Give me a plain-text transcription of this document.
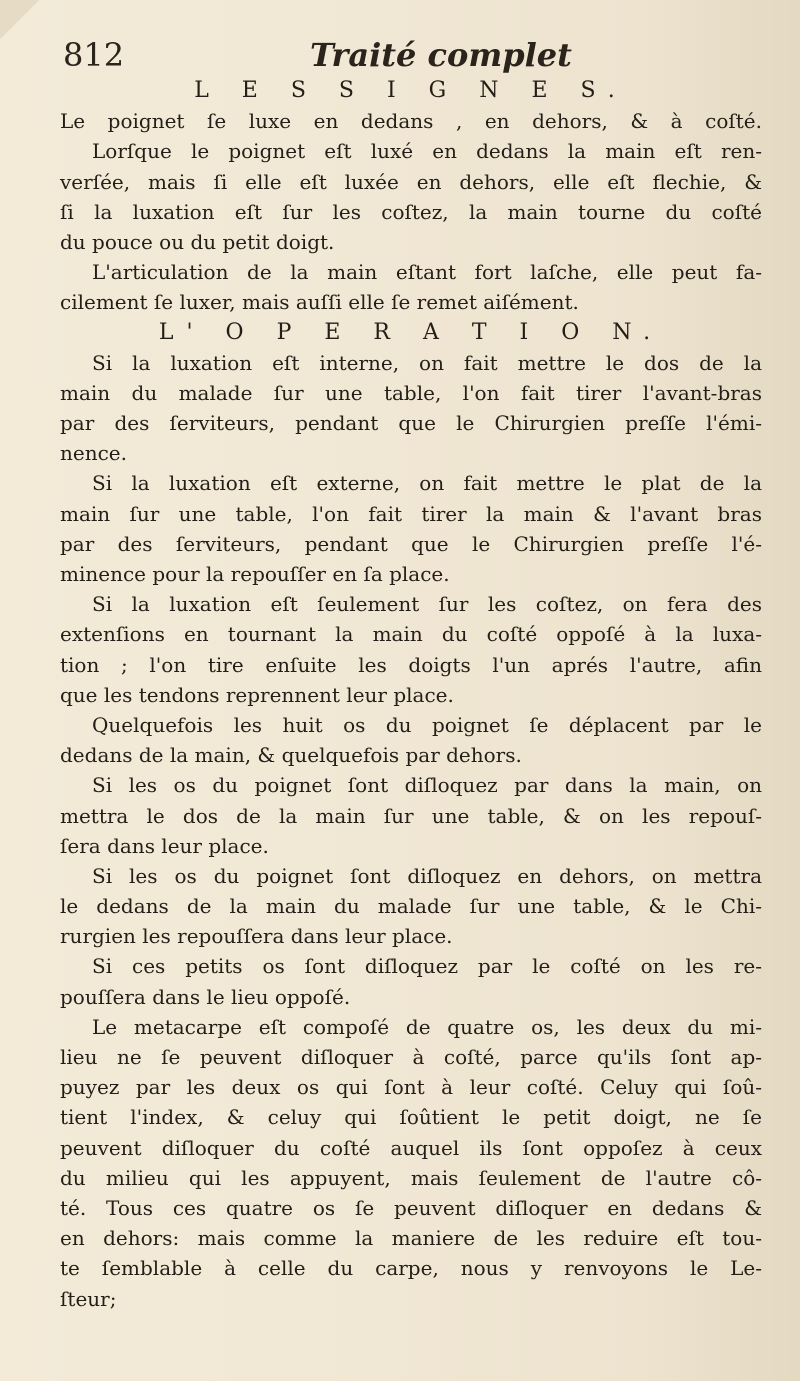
812	Traité complet
L E S S I G N E S.
Le poignet ſe luxe en dedans , en dehors, & à coſté.
Lorſque le poignet eſt luxé en dedans la main eſt ren-
verſée, mais ſi elle eſt luxée en dehors, elle eſt flechie, &
ſi la luxation eſt ſur les coſtez, la main tourne du coſté
du pouce ou du petit doigt.
L'articulation de la main eſtant fort laſche, elle peut fa-
cilement ſe luxer, mais auſſi elle ſe remet aiſément.
L' O P E R A T I O N.
Si la luxation eſt interne, on fait mettre le dos de la
main du malade ſur une table, l'on fait tirer l'avant-bras
par des ſerviteurs, pendant que le Chirurgien preſſe l'émi-
nence.
Si la luxation eſt externe, on fait mettre le plat de la
main ſur une table, l'on fait tirer la main & l'avant bras
par des ſerviteurs, pendant que le Chirurgien preſſe l'é-
minence pour la repouſſer en ſa place.
Si la luxation eſt ſeulement ſur les coſtez, on fera des
extenſions en tournant la main du coſté oppoſé à la luxa-
tion ; l'on tire enſuite les doigts l'un aprés l'autre, afin
que les tendons reprennent leur place.
Quelquefois les huit os du poignet ſe déplacent par le
dedans de la main, & quelquefois par dehors.
Si les os du poignet ſont diſloquez par dans la main, on
mettra le dos de la main ſur une table, & on les repouſ-
ſera dans leur place.
Si les os du poignet ſont diſloquez en dehors, on mettra
le dedans de la main du malade ſur une table, & le Chi-
rurgien les repouſſera dans leur place.
Si ces petits os ſont diſloquez par le coſté on les re-
pouſſera dans le lieu oppoſé.
Le metacarpe eſt compoſé de quatre os, les deux du mi-
lieu ne ſe peuvent diſloquer à coſté, parce qu'ils ſont ap-
puyez par les deux os qui ſont à leur coſté. Celuy qui ſoû-
tient l'index, & celuy qui ſoûtient le petit doigt, ne ſe
peuvent diſloquer du coſté auquel ils ſont oppoſez à ceux
du milieu qui les appuyent, mais ſeulement de l'autre cô-
té. Tous ces quatre os ſe peuvent diſloquer en dedans &
en dehors: mais comme la maniere de les reduire eſt tou-
te ſemblable à celle du carpe, nous y renvoyons le Le-
ſteur;
